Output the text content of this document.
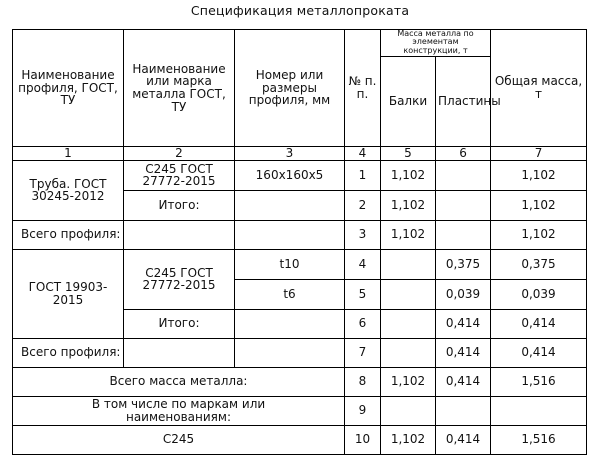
Спецификация металлопроката
Наименование профиля, ГОСТ, ТУ	Наименование или марка металла ГОСТ, ТУ	Номер или размеры профиля, мм	№ п. п.	Масса металла по элементам конструкции, т		Общая масса, т
				Балки	Пластины	
1	2	3	4	5	6	7
Труба. ГОСТ 30245-2012	С245 ГОСТ 27772-2015	160х160х5	1	1,102		1,102
	Итого:		2	1,102		1,102
Всего профиля:			3	1,102		1,102
ГОСТ 19903-2015	С245 ГОСТ 27772-2015	t10	4		0,375	0,375
		t6	5		0,039	0,039
	Итого:		6		0,414	0,414
Всего профиля:			7		0,414	0,414
Всего масса металла:			8	1,102	0,414	1,516
В том числе по маркам или наименованиям:			9			
С245			10	1,102	0,414	1,516
